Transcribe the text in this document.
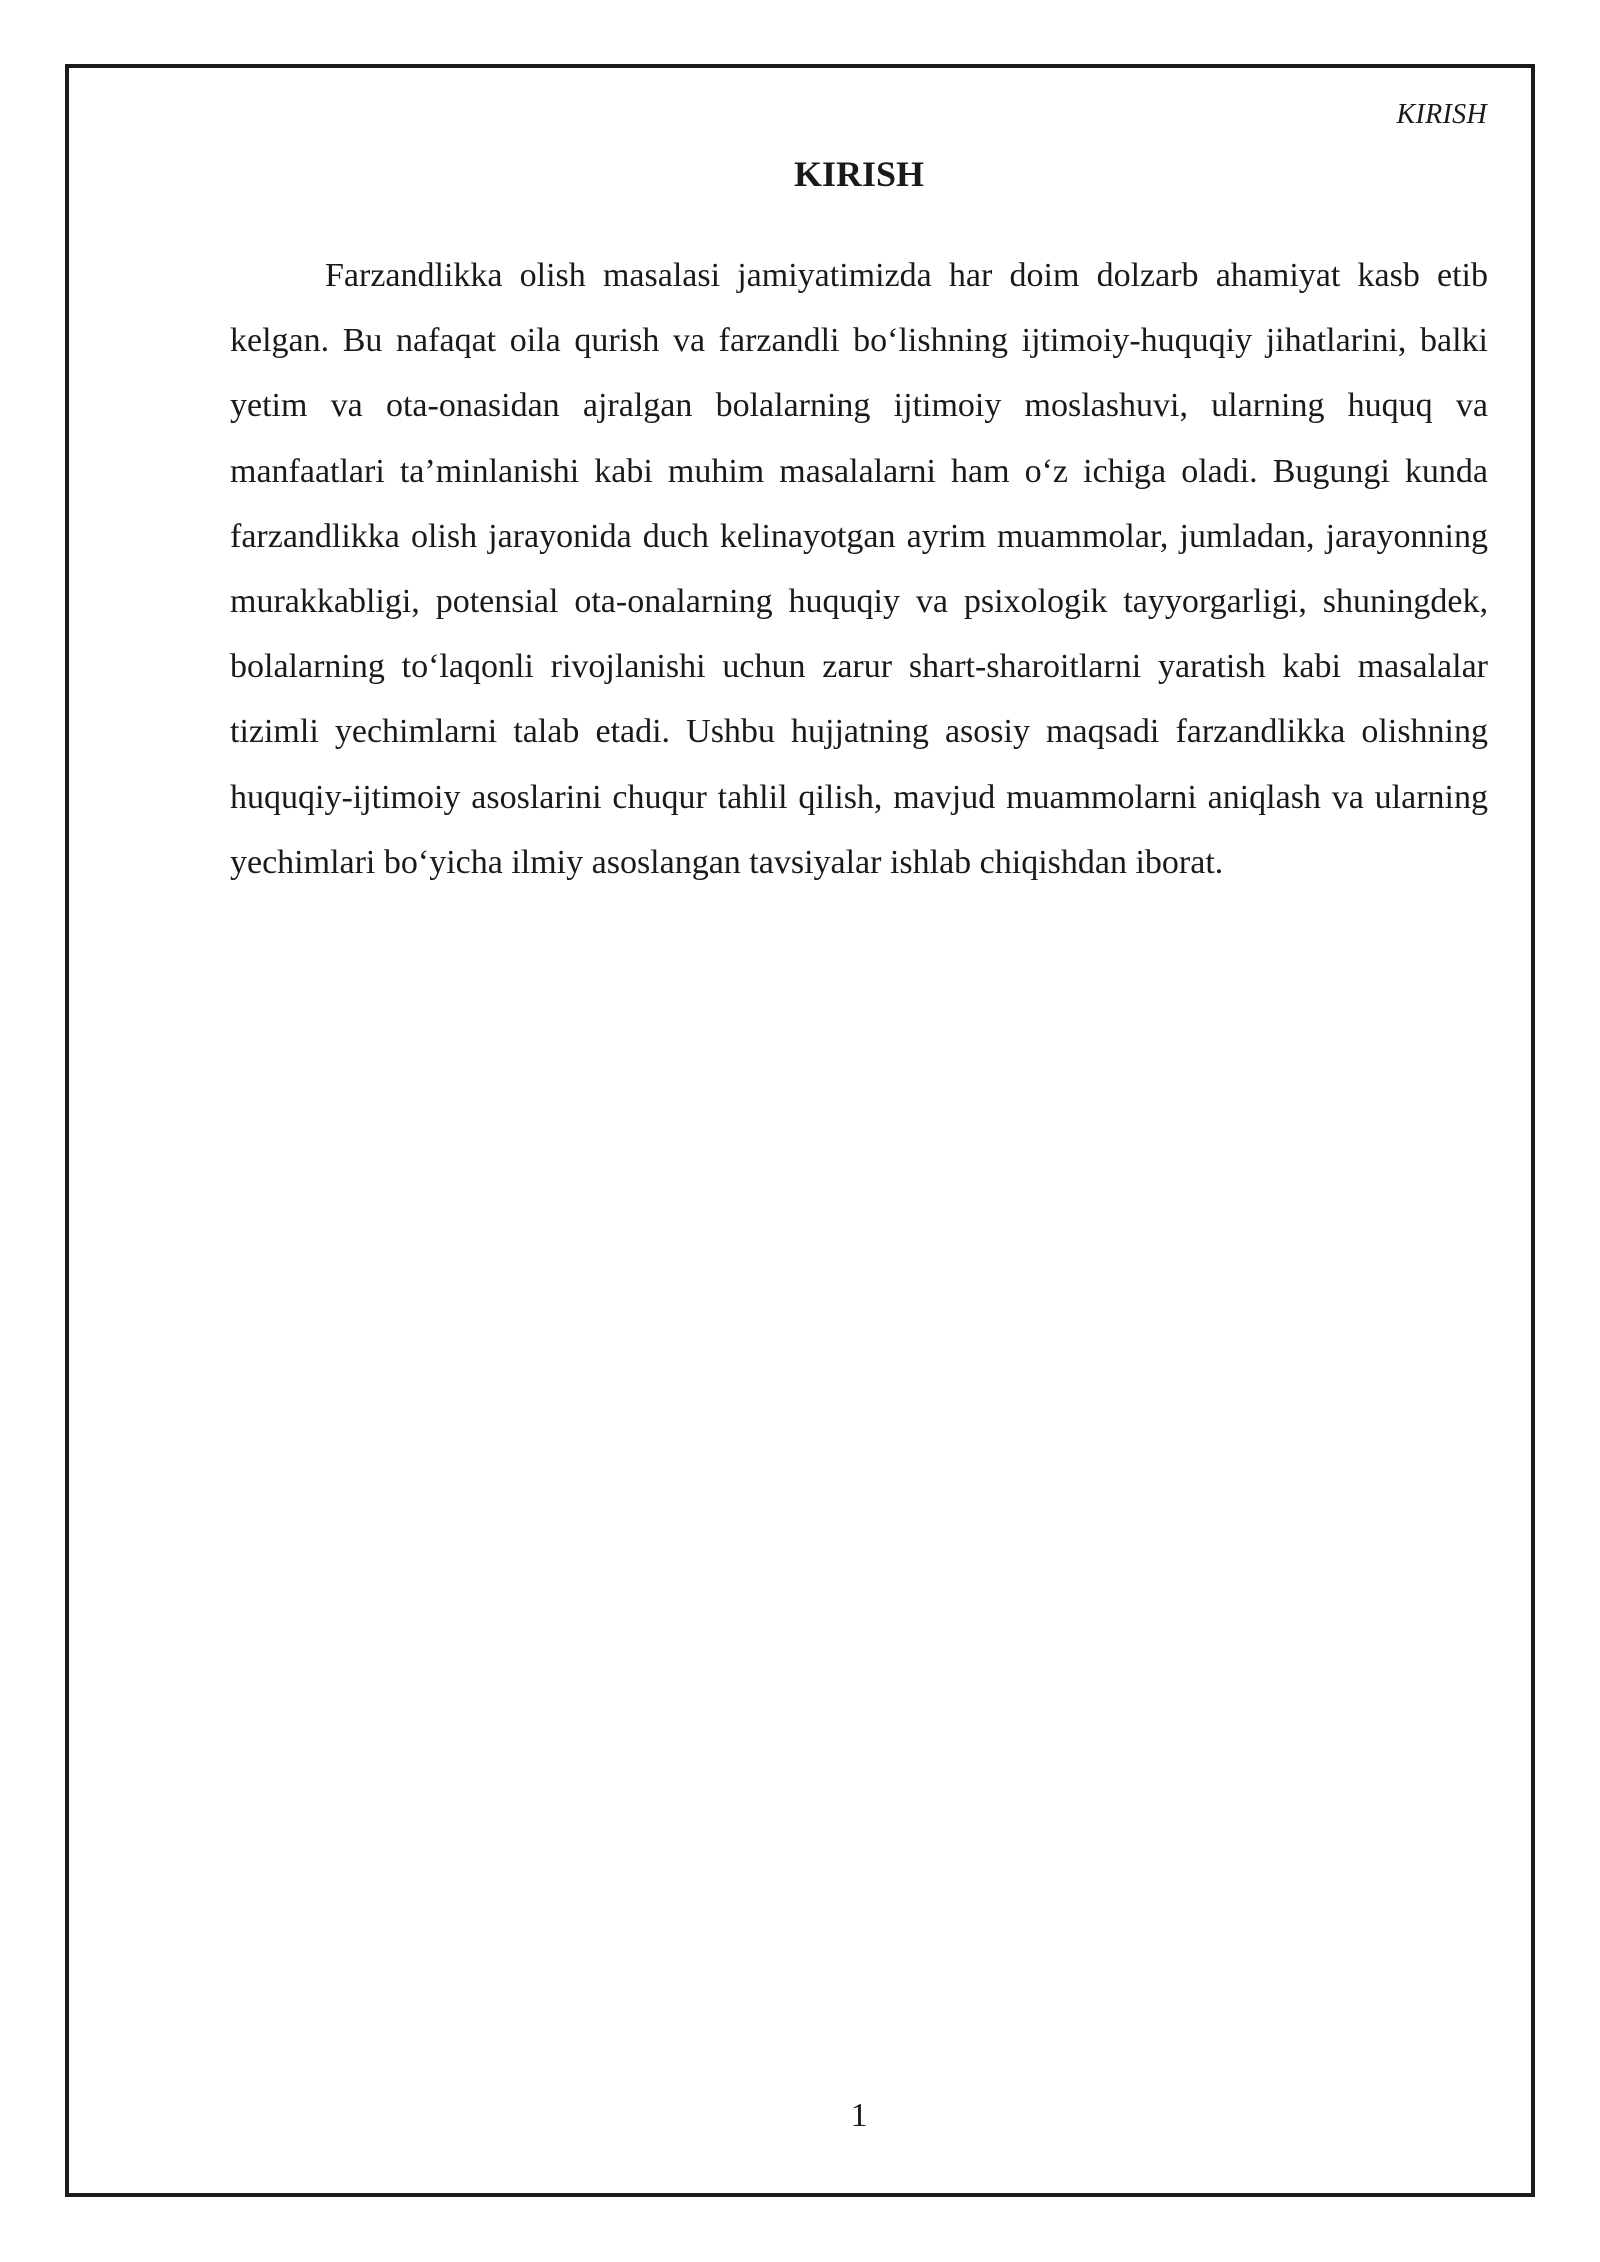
KIRISH
KIRISH

Farzandlikka olish masalasi jamiyatimizda har doim dolzarb ahamiyat kasb etib kelgan. Bu nafaqat oila qurish va farzandli bo‘lishning ijtimoiy-huquqiy jihatlarini, balki yetim va ota-onasidan ajralgan bolalarning ijtimoiy moslashuvi, ularning huquq va manfaatlari ta’minlanishi kabi muhim masalalarni ham o‘z ichiga oladi. Bugungi kunda farzandlikka olish jarayonida duch kelinayotgan ayrim muammolar, jumladan, jarayonning murakkabligi, potensial ota-onalarning huquqiy va psixologik tayyorgarligi, shuningdek, bolalarning to‘laqonli rivojlanishi uchun zarur shart-sharoitlarni yaratish kabi masalalar tizimli yechimlarni talab etadi. Ushbu hujjatning asosiy maqsadi farzandlikka olishning huquqiy-ijtimoiy asoslarini chuqur tahlil qilish, mavjud muammolarni aniqlash va ularning yechimlari bo‘yicha ilmiy asoslangan tavsiyalar ishlab chiqishdan iborat.

1
